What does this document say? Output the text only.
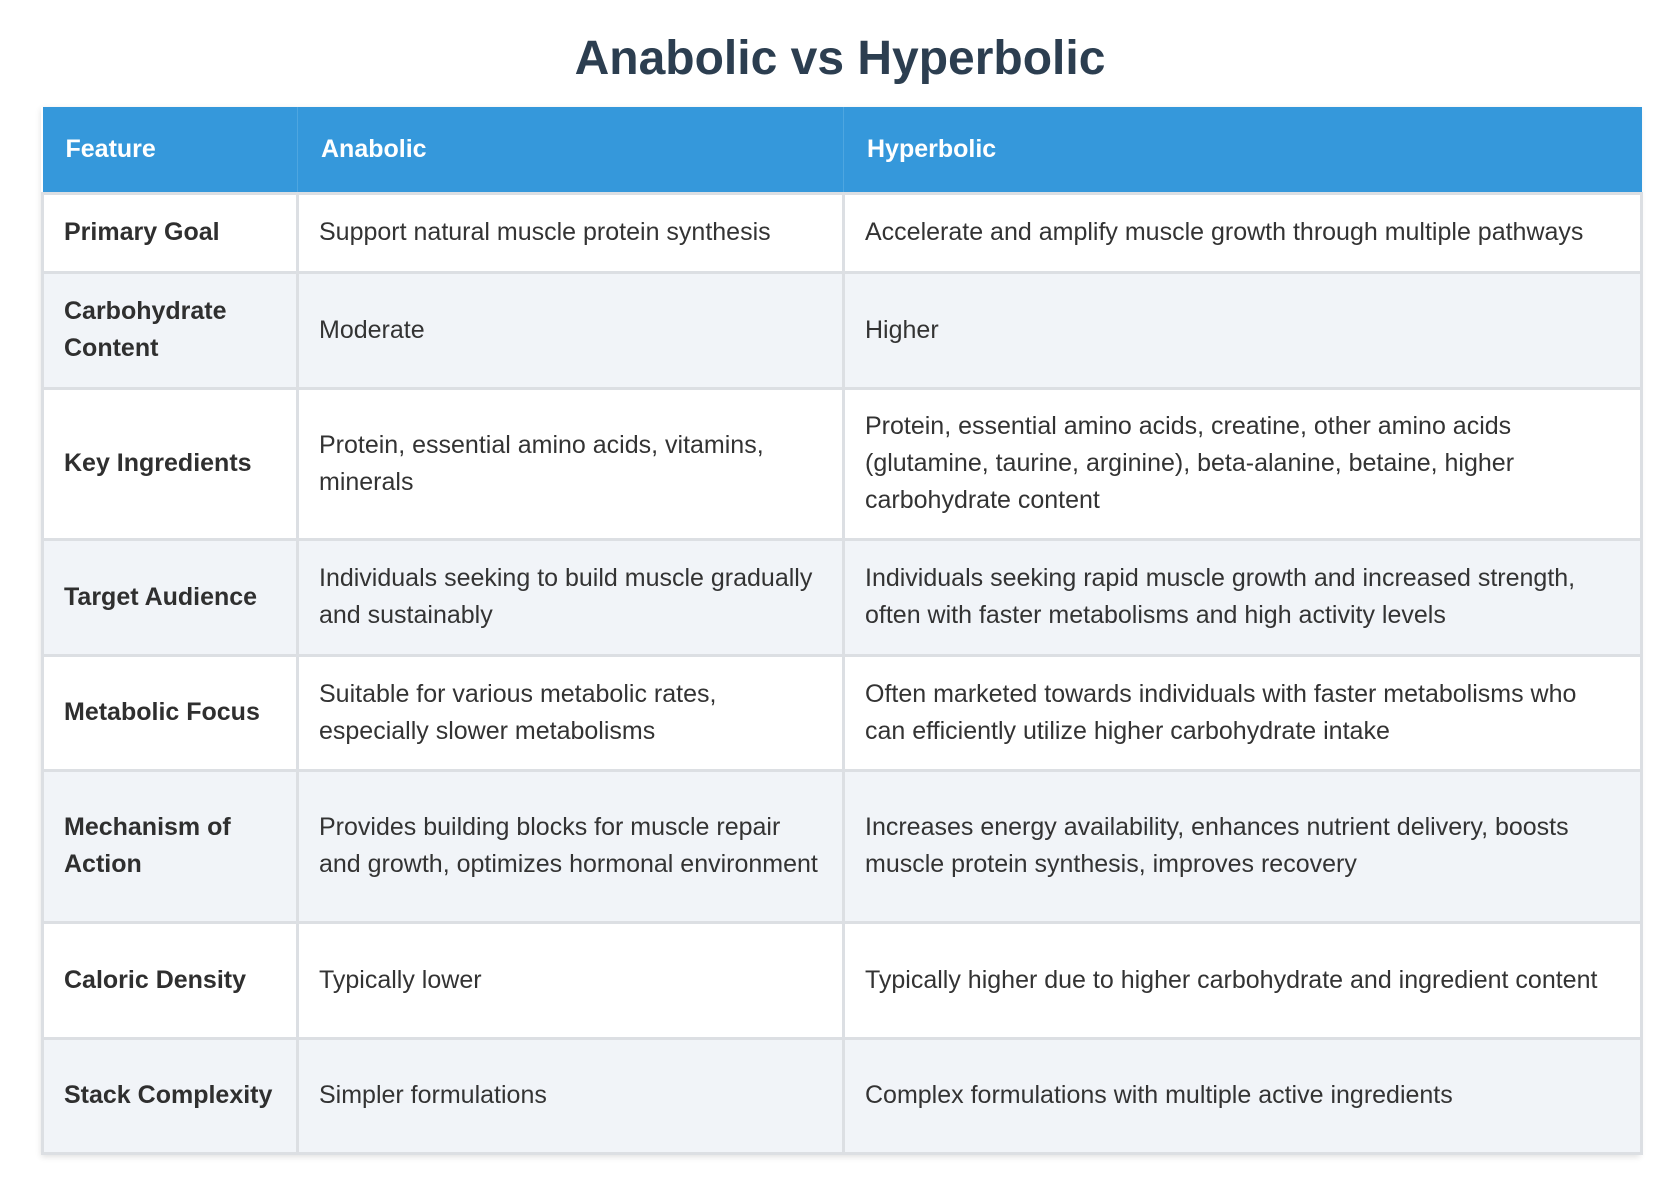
Anabolic vs Hyperbolic
Feature	Anabolic	Hyperbolic
Primary Goal	Support natural muscle protein synthesis	Accelerate and amplify muscle growth through multiple pathways
Carbohydrate Content	Moderate	Higher
Key Ingredients	Protein, essential amino acids, vitamins, minerals	Protein, essential amino acids, creatine, other amino acids (glutamine, taurine, arginine), beta-alanine, betaine, higher carbohydrate content
Target Audience	Individuals seeking to build muscle gradually and sustainably	Individuals seeking rapid muscle growth and increased strength, often with faster metabolisms and high activity levels
Metabolic Focus	Suitable for various metabolic rates, especially slower metabolisms	Often marketed towards individuals with faster metabolisms who can efficiently utilize higher carbohydrate intake
Mechanism of Action	Provides building blocks for muscle repair and growth, optimizes hormonal environment	Increases energy availability, enhances nutrient delivery, boosts muscle protein synthesis, improves recovery
Caloric Density	Typically lower	Typically higher due to higher carbohydrate and ingredient content
Stack Complexity	Simpler formulations	Complex formulations with multiple active ingredients
